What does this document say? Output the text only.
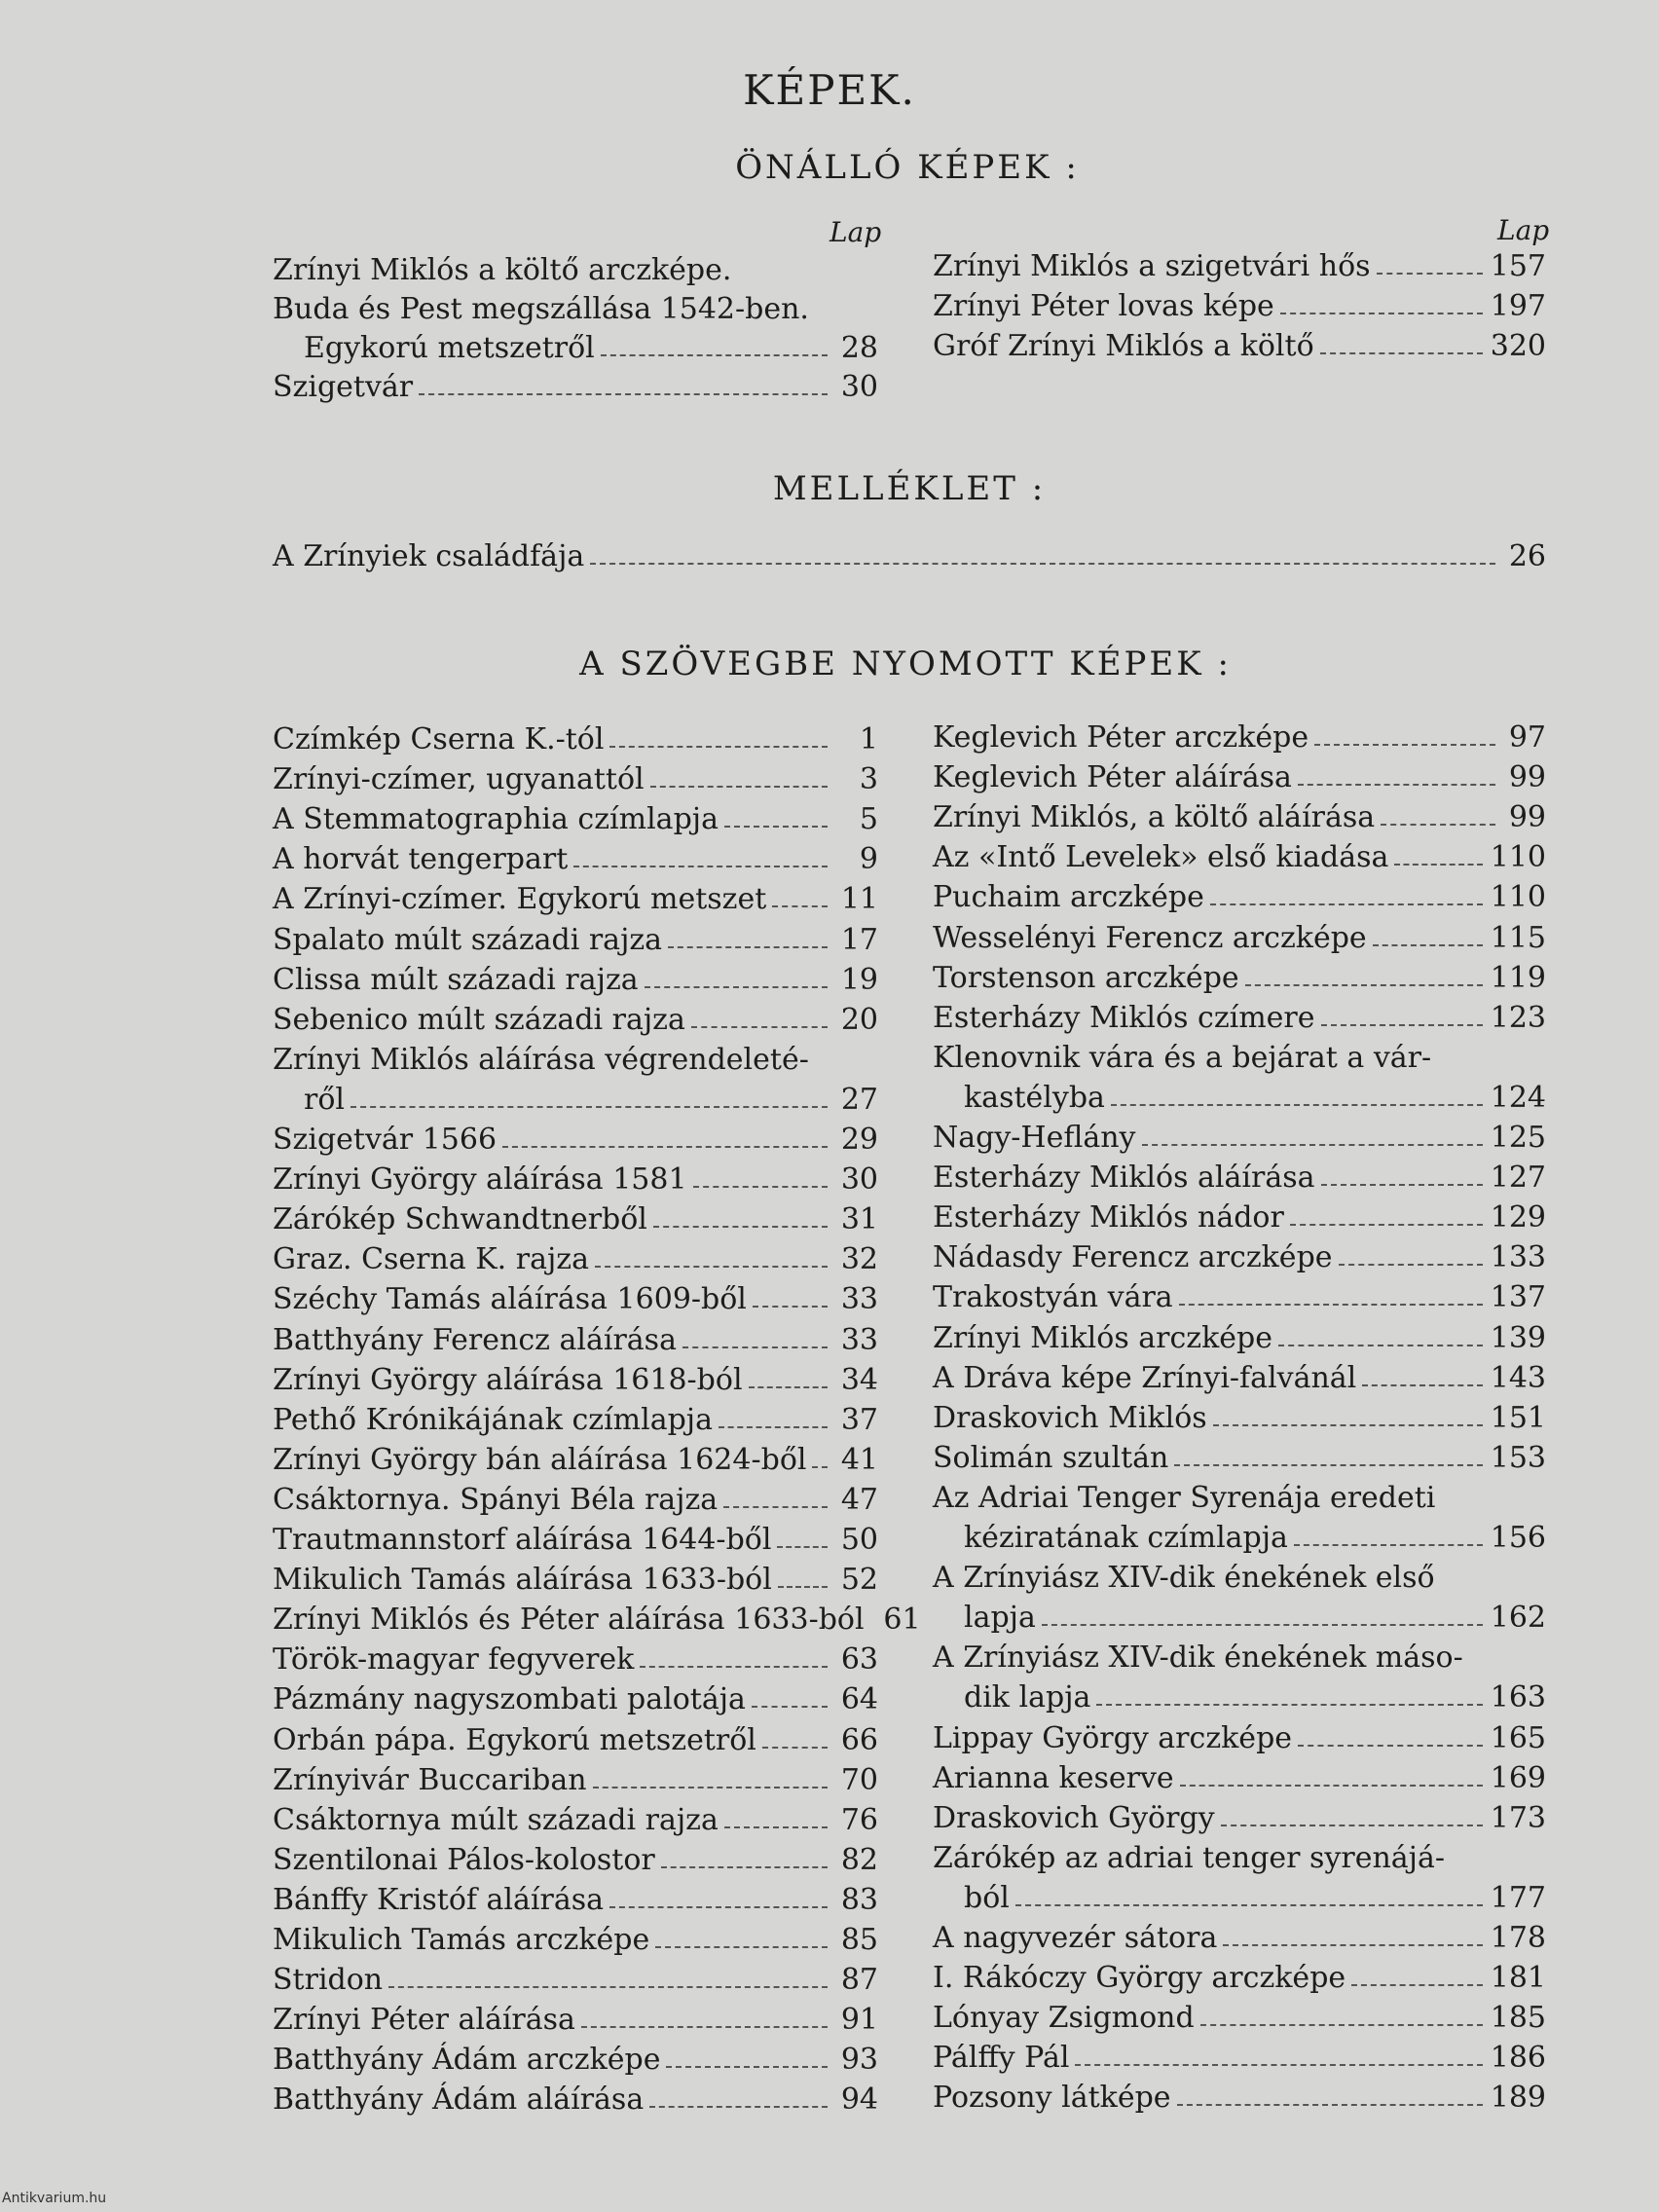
KÉPEK.
ÖNÁLLÓ KÉPEK :
Lap	Lap
Zrínyi Miklós a költő arczképe.
Buda és Pest megszállása 1542-ben.
Egykorú metszetről	28
Szigetvár	30
Zrínyi Miklós a szigetvári hős	157
Zrínyi Péter lovas képe	197
Gróf Zrínyi Miklós a költő	320
MELLÉKLET :
A Zrínyiek családfája	26
A SZÖVEGBE NYOMOTT KÉPEK :
Czímkép Cserna K.-tól	1
Zrínyi-czímer, ugyanattól	3
A Stemmatographia czímlapja	5
A horvát tengerpart	9
A Zrínyi-czímer. Egykorú metszet	11
Spalato múlt századi rajza	17
Clissa múlt századi rajza	19
Sebenico múlt századi rajza	20
Zrínyi Miklós aláírása végrendeleté-
ről	27
Szigetvár 1566	29
Zrínyi György aláírása 1581	30
Zárókép Schwandtnerből	31
Graz. Cserna K. rajza	32
Széchy Tamás aláírása 1609-ből	33
Batthyány Ferencz aláírása	33
Zrínyi György aláírása 1618-ból	34
Pethő Krónikájának czímlapja	37
Zrínyi György bán aláírása 1624-ből 41
Csáktornya. Spányi Béla rajza	47
Trautmannstorf aláírása 1644-ből 50
Mikulich Tamás aláírása 1633-ból 52
Zrínyi Miklós és Péter aláírása 1633-ból 61
Török-magyar fegyverek	63
Pázmány nagyszombati palotája	64
Orbán pápa. Egykorú metszetről	66
Zrínyivár Buccariban	70
Csáktornya múlt századi rajza	76
Szentilonai Pálos-kolostor	82
Bánffy Kristóf aláírása	83
Mikulich Tamás arczképe	85
Stridon	87
Zrínyi Péter aláírása	91
Batthyány Ádám arczképe	93
Batthyány Ádám aláírása	94
Keglevich Péter arczképe	97
Keglevich Péter aláírása	99
Zrínyi Miklós, a költő aláírása	99
Az «Intő Levelek» első kiadása	110
Puchaim arczképe	110
Wesselényi Ferencz arczképe	115
Torstenson arczképe	119
Esterházy Miklós czímere	123
Klenovnik vára és a bejárat a vár-
kastélyba	124
Nagy-Heflány	125
Esterházy Miklós aláírása	127
Esterházy Miklós nádor	129
Nádasdy Ferencz arczképe	133
Trakostyán vára	137
Zrínyi Miklós arczképe	139
A Dráva képe Zrínyi-falvánál	143
Draskovich Miklós	151
Solimán szultán	153
Az Adriai Tenger Syrenája eredeti
kéziratának czímlapja	156
A Zrínyiász XIV-dik énekének első
lapja	162
A Zrínyiász XIV-dik énekének máso-
dik lapja	163
Lippay György arczképe	165
Arianna keserve	169
Draskovich György	173
Zárókép az adriai tenger syrenájá-
ból	177
A nagyvezér sátora	178
I. Rákóczy György arczképe	181
Lónyay Zsigmond	185
Pálffy Pál	186
Pozsony látképe	189
Antikvarium.hu
